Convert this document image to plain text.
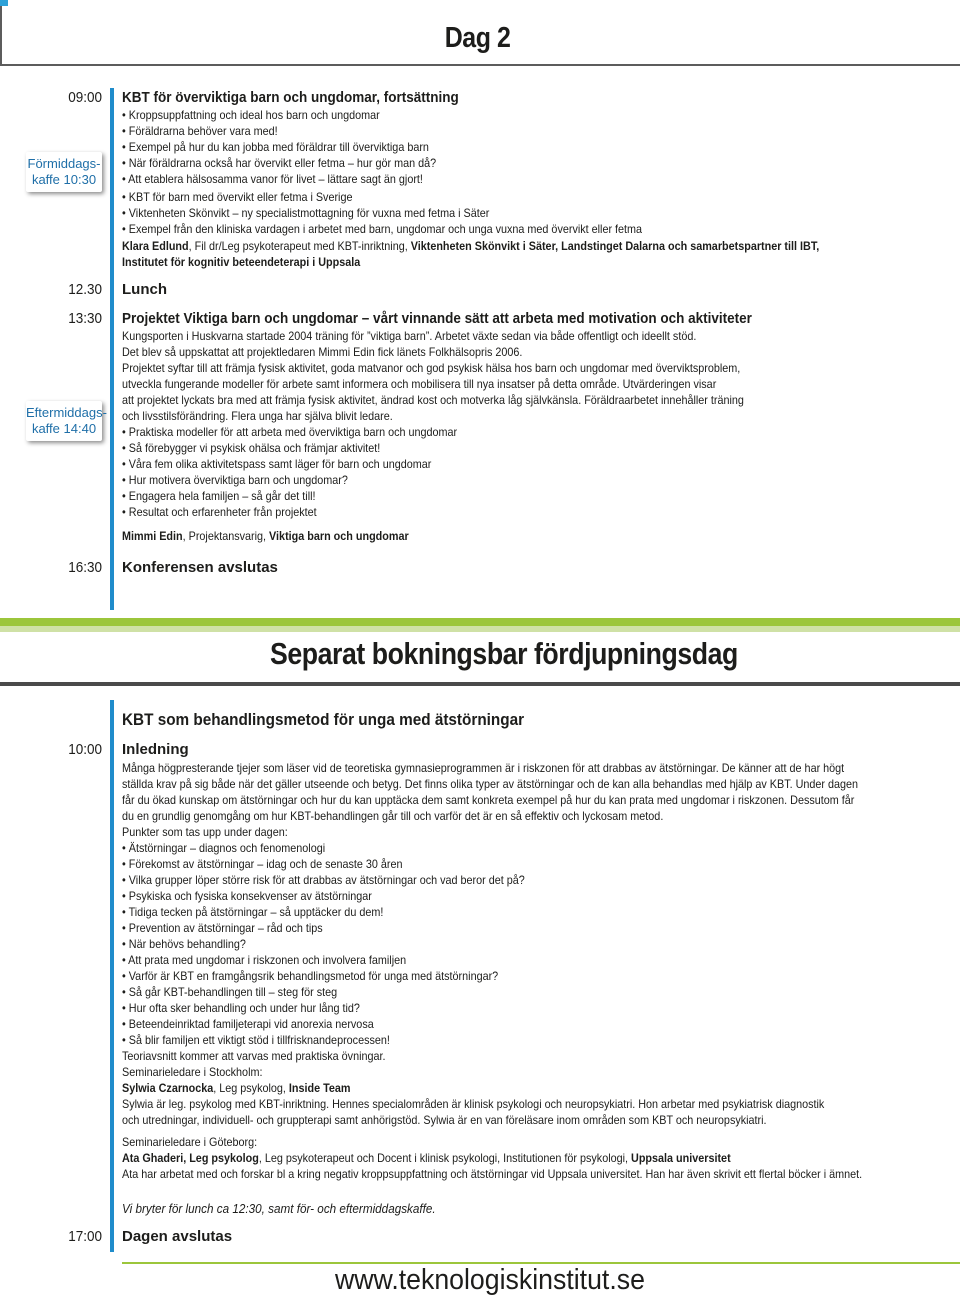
Dag 2
09:00
Förmiddags-
kaffe 10:30
12.30
13:30
Eftermiddags-
kaffe 14:40
16:30
KBT för överviktiga barn och ungdomar, fortsättning
• Kroppsuppfattning och ideal hos barn och ungdomar
• Föräldrarna behöver vara med!
• Exempel på hur du kan jobba med föräldrar till överviktiga barn
• När föräldrarna också har övervikt eller fetma – hur gör man då?
• Att etablera hälsosamma vanor för livet – lättare sagt än gjort!
• KBT för barn med övervikt eller fetma i Sverige
• Viktenheten Skönvikt – ny specialistmottagning för vuxna med fetma i Säter
• Exempel från den kliniska vardagen i arbetet med barn, ungdomar och unga vuxna med övervikt eller fetma
Klara Edlund, Fil dr/Leg psykoterapeut med KBT-inriktning, Viktenheten Skönvikt i Säter, Landstinget Dalarna och samarbetspartner till IBT,
Institutet för kognitiv beteendeterapi i Uppsala
Lunch
Projektet Viktiga barn och ungdomar – vårt vinnande sätt att arbeta med motivation och aktiviteter
Kungsporten i Huskvarna startade 2004 träning för ”viktiga barn”. Arbetet växte sedan via både offentligt och ideellt stöd.
Det blev så uppskattat att projektledaren Mimmi Edin fick länets Folkhälsopris 2006.
Projektet syftar till att främja fysisk aktivitet, goda matvanor och god psykisk hälsa hos barn och ungdomar med överviktsproblem,
utveckla fungerande modeller för arbete samt informera och mobilisera till nya insatser på detta område. Utvärderingen visar
att projektet lyckats bra med att främja fysisk aktivitet, ändrad kost och motverka låg självkänsla. Föräldraarbetet innehåller träning
och livsstilsförändring. Flera unga har själva blivit ledare.
• Praktiska modeller för att arbeta med överviktiga barn och ungdomar
• Så förebygger vi psykisk ohälsa och främjar aktivitet!
• Våra fem olika aktivitetspass samt läger för barn och ungdomar
• Hur motivera överviktiga barn och ungdomar?
• Engagera hela familjen – så går det till!
• Resultat och erfarenheter från projektet
Mimmi Edin, Projektansvarig, Viktiga barn och ungdomar
Konferensen avslutas
Separat bokningsbar fördjupningsdag
KBT som behandlingsmetod för unga med ätstörningar
10:00 Inledning
Många högpresterande tjejer som läser vid de teoretiska gymnasieprogrammen är i riskzonen för att drabbas av ätstörningar. De känner att de har högt
ställda krav på sig både när det gäller utseende och betyg. Det finns olika typer av ätstörningar och de kan alla behandlas med hjälp av KBT. Under dagen
får du ökad kunskap om ätstörningar och hur du kan upptäcka dem samt konkreta exempel på hur du kan prata med ungdomar i riskzonen. Dessutom får
du en grundlig genomgång om hur KBT-behandlingen går till och varför det är en så effektiv och lyckosam metod.
Punkter som tas upp under dagen:
• Ätstörningar – diagnos och fenomenologi
• Förekomst av ätstörningar – idag och de senaste 30 åren
• Vilka grupper löper större risk för att drabbas av ätstörningar och vad beror det på?
• Psykiska och fysiska konsekvenser av ätstörningar
• Tidiga tecken på ätstörningar – så upptäcker du dem!
• Prevention av ätstörningar – råd och tips
• När behövs behandling?
• Att prata med ungdomar i riskzonen och involvera familjen
• Varför är KBT en framgångsrik behandlingsmetod för unga med ätstörningar?
• Så går KBT-behandlingen till – steg för steg
• Hur ofta sker behandling och under hur lång tid?
• Beteendeinriktad familjeterapi vid anorexia nervosa
• Så blir familjen ett viktigt stöd i tillfrisknandeprocessen!
Teoriavsnitt kommer att varvas med praktiska övningar.
Seminarieledare i Stockholm:
Sylwia Czarnocka, Leg psykolog, Inside Team
Sylwia är leg. psykolog med KBT-inriktning. Hennes specialområden är klinisk psykologi och neuropsykiatri. Hon arbetar med psykiatrisk diagnostik
och utredningar, individuell- och gruppterapi samt anhörigstöd. Sylwia är en van föreläsare inom områden som KBT och neuropsykiatri.
Seminarieledare i Göteborg:
Ata Ghaderi, Leg psykolog, Leg psykoterapeut och Docent i klinisk psykologi, Institutionen för psykologi, Uppsala universitet
Ata har arbetat med och forskar bl a kring negativ kroppsuppfattning och ätstörningar vid Uppsala universitet. Han har även skrivit ett flertal böcker i ämnet.
Vi bryter för lunch ca 12:30, samt för- och eftermiddagskaffe.
17:00 Dagen avslutas
www.teknologiskinstitut.se
